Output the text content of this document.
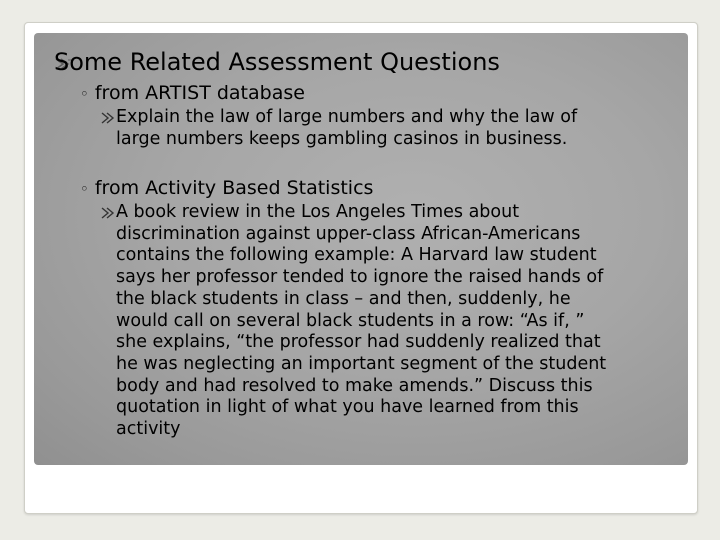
Some Related Assessment Questions
◦ from ARTIST database
Explain the law of large numbers and why the law of
large numbers keeps gambling casinos in business.
◦ from Activity Based Statistics
A book review in the Los Angeles Times about
discrimination against upper-class African-Americans
contains the following example: A Harvard law student
says her professor tended to ignore the raised hands of
the black students in class – and then, suddenly, he
would call on several black students in a row: “As if, ”
she explains, “the professor had suddenly realized that
he was neglecting an important segment of the student
body and had resolved to make amends.” Discuss this
quotation in light of what you have learned from this
activity
